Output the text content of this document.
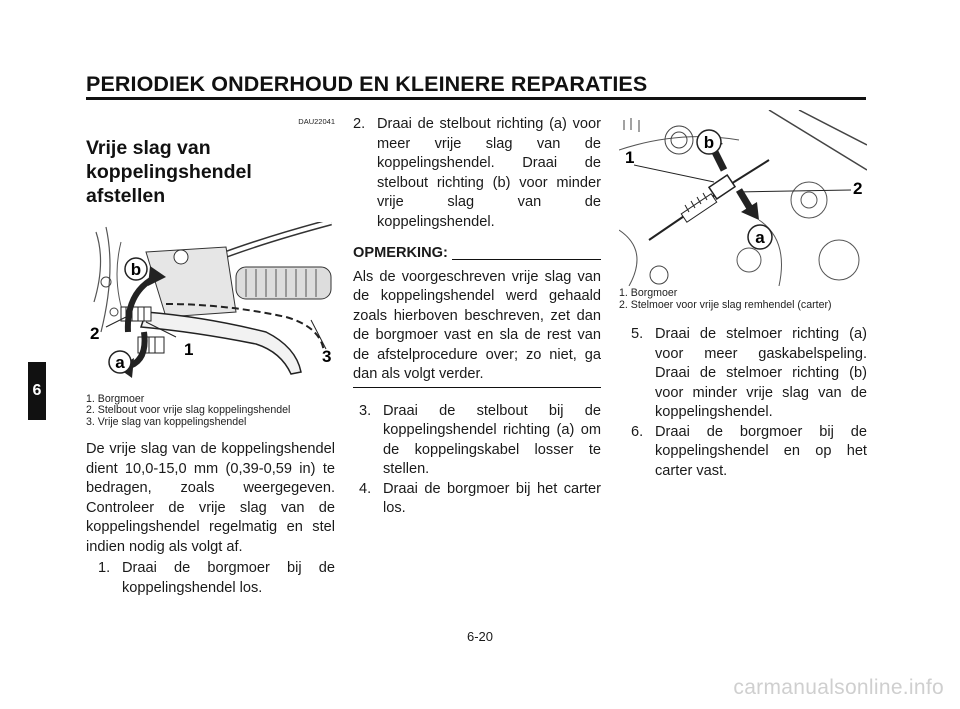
PERIODIEK ONDERHOUD EN KLEINERE REPARATIES
6
DAU22041
Vrije slag van
koppelingshendel afstellen
b
a
1
2
3
1. Borgmoer
2. Stelbout voor vrije slag koppelingshendel
3. Vrije slag van koppelingshendel
De vrije slag van de koppelingshendel dient 10,0-15,0 mm (0,39-0,59 in) te bedragen, zoals weergegeven. Controleer de vrije slag van de koppelingshendel regelmatig en stel indien nodig als volgt af.
1. Draai de borgmoer bij de koppelingshendel los.
2. Draai de stelbout richting (a) voor meer vrije slag van de koppelingshendel. Draai de stelbout richting (b) voor minder vrije slag van de koppelingshendel.
OPMERKING:
Als de voorgeschreven vrije slag van de koppelingshendel werd gehaald zoals hierboven beschreven, zet dan de borgmoer vast en sla de rest van de afstelprocedure over; zo niet, ga dan als volgt verder.
3. Draai de stelbout bij de koppelingshendel richting (a) om de koppelingskabel losser te stellen.
4. Draai de borgmoer bij het carter los.
b
a
1
2
1. Borgmoer
2. Stelmoer voor vrije slag remhendel (carter)
5. Draai de stelmoer richting (a) voor meer gaskabelspeling. Draai de stelmoer richting (b) voor minder vrije slag van de koppelingshendel.
6. Draai de borgmoer bij de koppelingshendel en op het carter vast.
6-20
carmanualsonline.info
